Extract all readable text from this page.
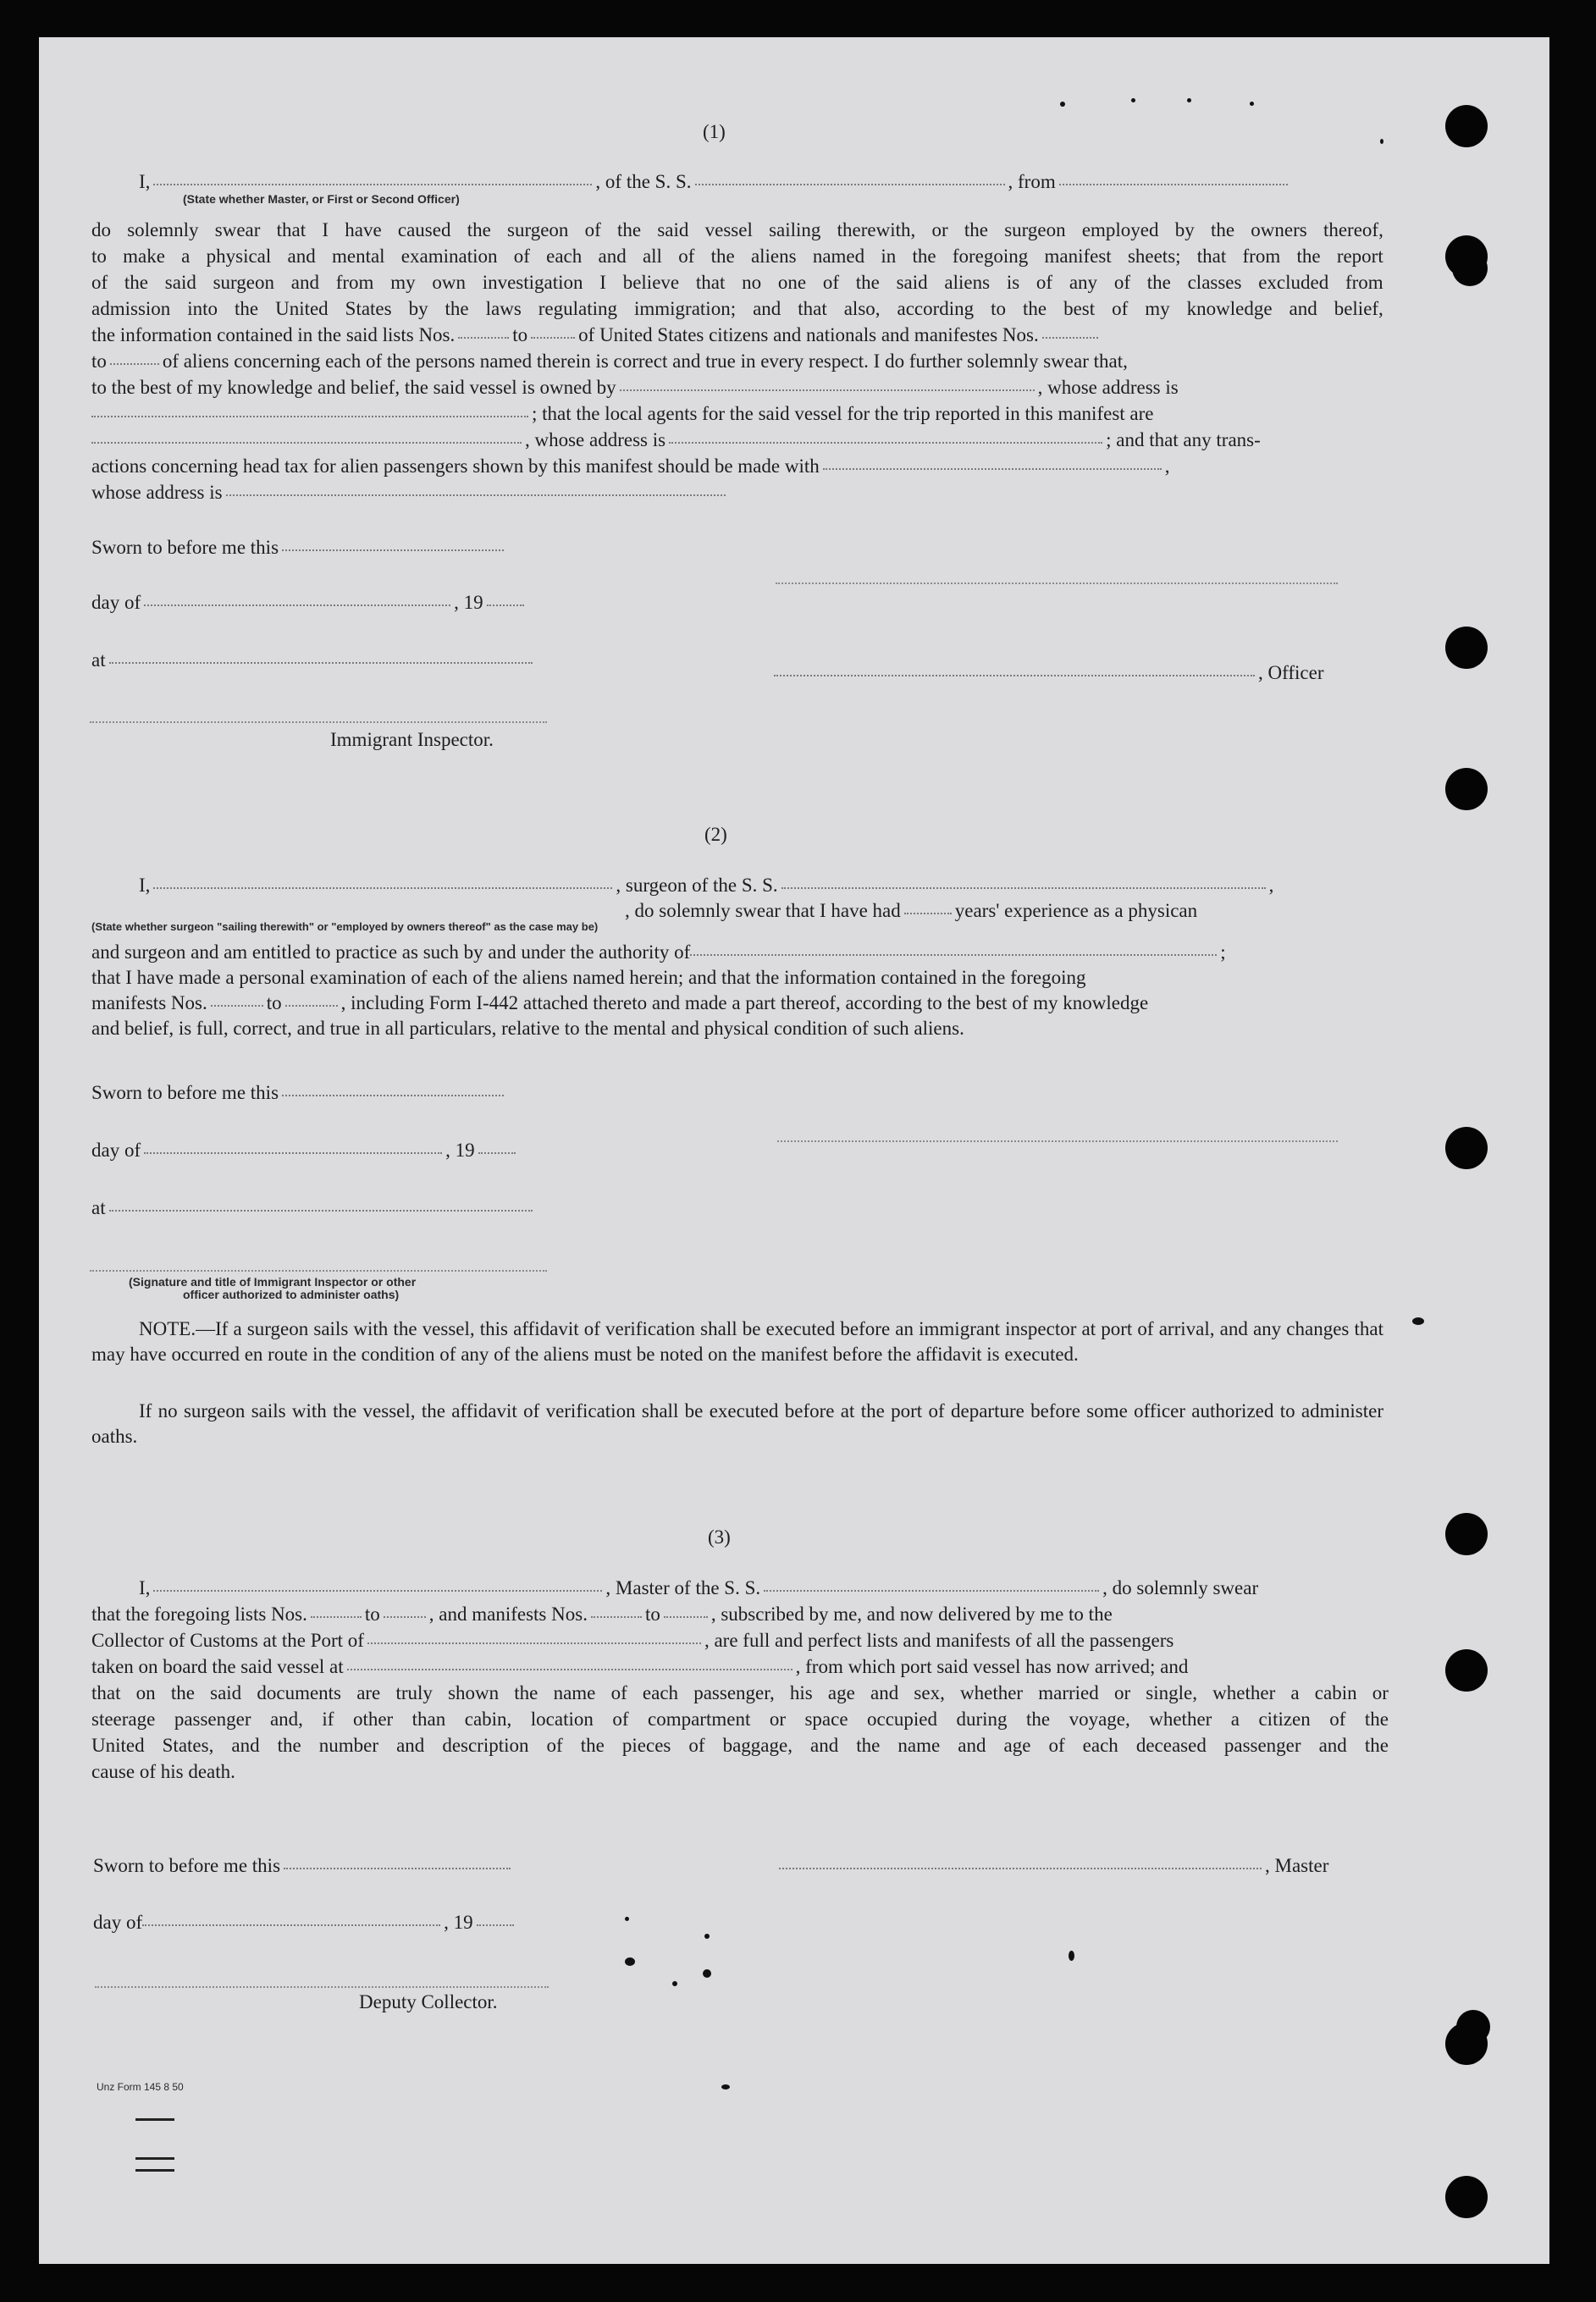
(1)
I,	, of the S. S.	, from
(State whether Master, or First or Second Officer)
do solemnly swear that I have caused the surgeon of the said vessel sailing therewith, or the surgeon employed by the owners thereof,
to make a physical and mental examination of each and all of the aliens named in the foregoing manifest sheets; that from the report
of the said surgeon and from my own investigation I believe that no one of the said aliens is of any of the classes excluded from
admission into the United States by the laws regulating immigration; and that also, according to the best of my knowledge and belief,
the information contained in the said lists Nos.	to	of United States citizens and nationals and manifestes Nos.
to	of aliens concerning each of the persons named therein is correct and true in every respect. I do further solemnly swear that,
to the best of my knowledge and belief, the said vessel is owned by	, whose address is
; that the local agents for the said vessel for the trip reported in this manifest are
, whose address is	; and that any trans-
actions concerning head tax for alien passengers shown by this manifest should be made with	,
whose address is
Sworn to before me this
day of	, 19
at
, Officer
Immigrant Inspector.
(2)
I,	, surgeon of the S. S.	,
, do solemnly swear that I have had	years' experience as a physican
(State whether surgeon "sailing therewith" or "employed by owners thereof" as the case may be)
and surgeon and am entitled to practice as such by and under the authority of	;
that I have made a personal examination of each of the aliens named herein; and that the information contained in the foregoing
manifests Nos.	to	, including Form I-442 attached thereto and made a part thereof, according to the best of my knowledge
and belief, is full, correct, and true in all particulars, relative to the mental and physical condition of such aliens.
Sworn to before me this
day of	, 19
at
(Signature and title of Immigrant Inspector or other
officer authorized to administer oaths)
NOTE.—If a surgeon sails with the vessel, this affidavit of verification shall be executed before an immigrant inspector at port of arrival, and any changes that may have occurred en route in the condition of any of the aliens must be noted on the manifest before the affidavit is executed.
If no surgeon sails with the vessel, the affidavit of verification shall be executed before at the port of departure before some officer authorized to administer oaths.
(3)
I,	, Master of the S. S.	, do solemnly swear
that the foregoing lists Nos.	to	, and manifests Nos.	to	, subscribed by me, and now delivered by me to the
Collector of Customs at the Port of	, are full and perfect lists and manifests of all the passengers
taken on board the said vessel at	, from which port said vessel has now arrived; and
that on the said documents are truly shown the name of each passenger, his age and sex, whether married or single, whether a cabin or
steerage passenger and, if other than cabin, location of compartment or space occupied during the voyage, whether a citizen of the
United States, and the number and description of the pieces of baggage, and the name and age of each deceased passenger and the
cause of his death.
Sworn to before me this	, Master
day of	, 19
Deputy Collector.
Unz Form 145 8 50
